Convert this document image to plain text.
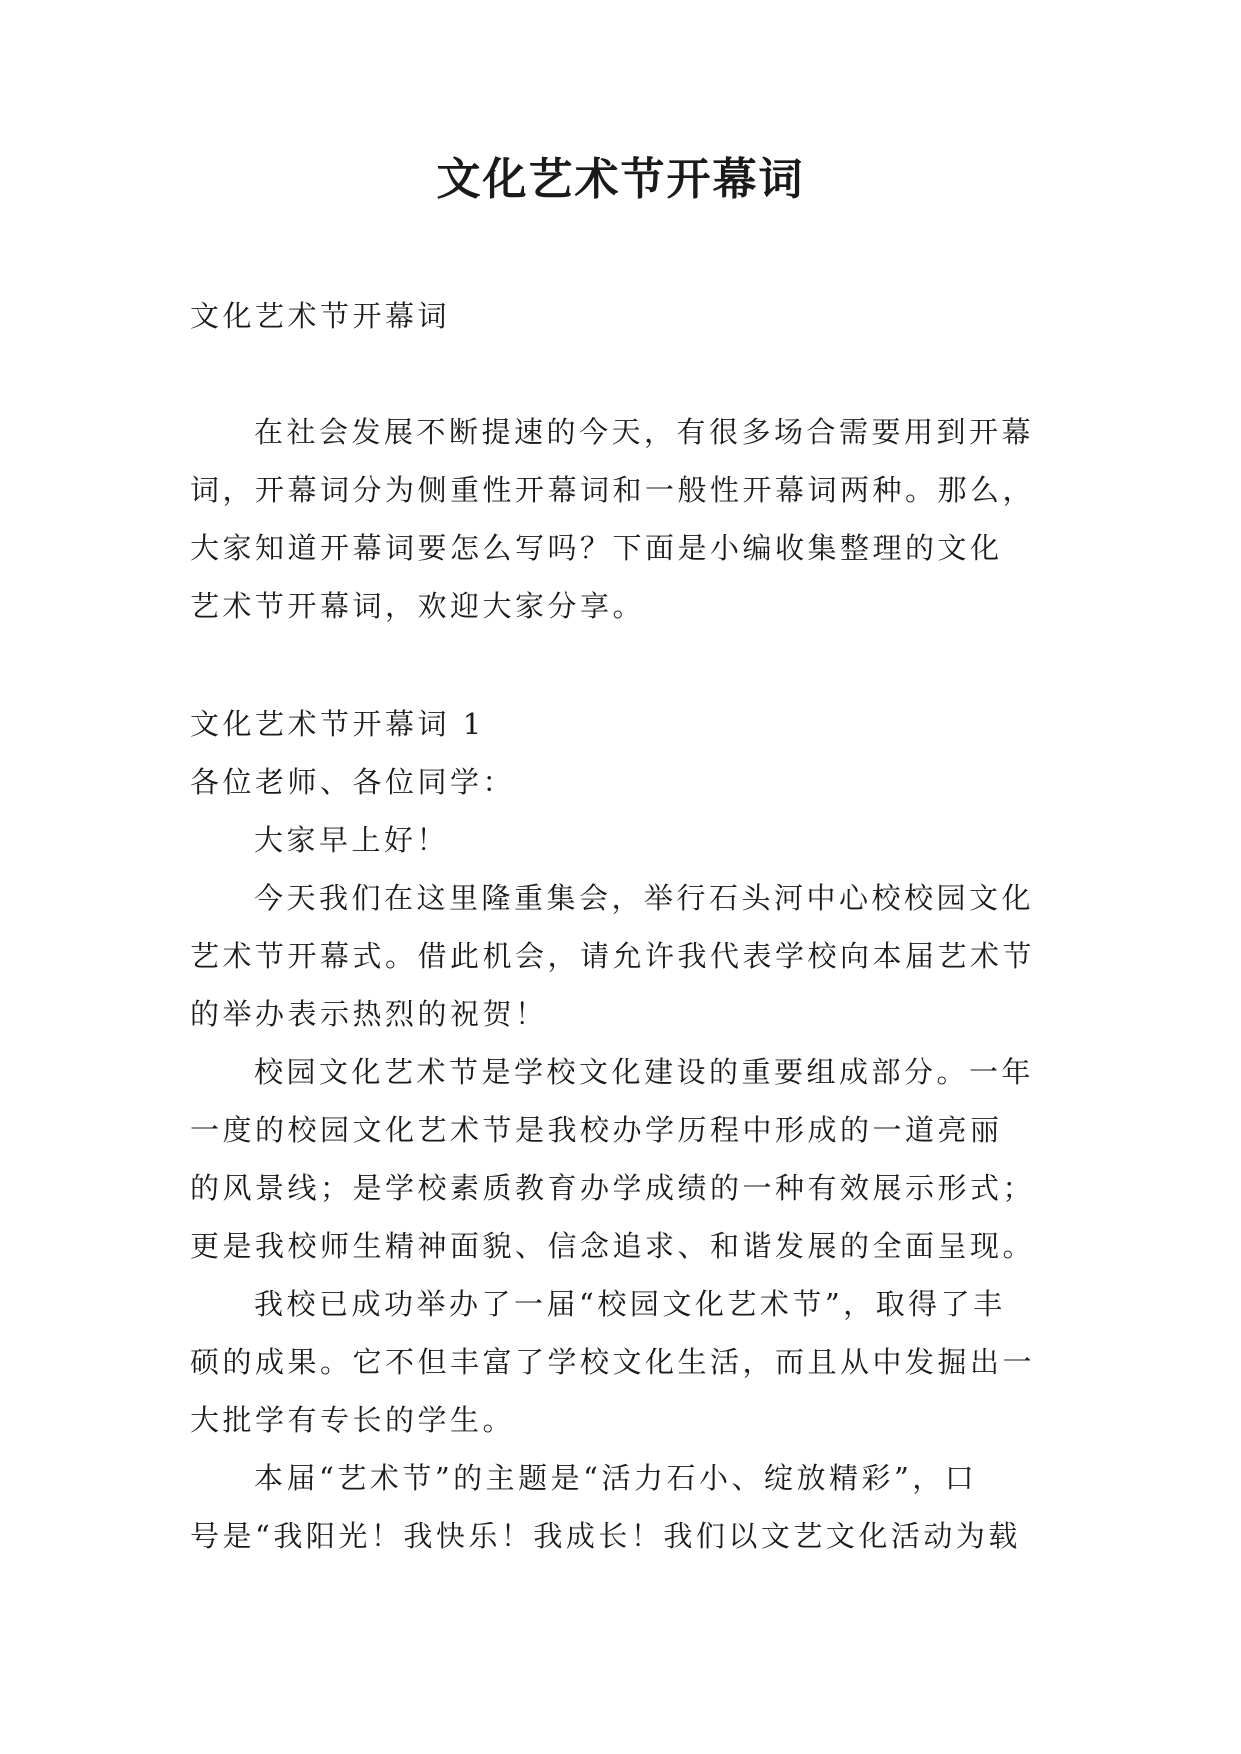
文化艺术节开幕词
文化艺术节开幕词
在社会发展不断提速的今天，有很多场合需要用到开幕
词，开幕词分为侧重性开幕词和一般性开幕词两种。那么，
大家知道开幕词要怎么写吗？下面是小编收集整理的文化
艺术节开幕词，欢迎大家分享。
文化艺术节开幕词 1
各位老师、各位同学：
大家早上好！
今天我们在这里隆重集会，举行石头河中心校校园文化
艺术节开幕式。借此机会，请允许我代表学校向本届艺术节
的举办表示热烈的祝贺！
校园文化艺术节是学校文化建设的重要组成部分。一年
一度的校园文化艺术节是我校办学历程中形成的一道亮丽
的风景线；是学校素质教育办学成绩的一种有效展示形式；
更是我校师生精神面貌、信念追求、和谐发展的全面呈现。
我校已成功举办了一届“校园文化艺术节”，取得了丰
硕的成果。它不但丰富了学校文化生活，而且从中发掘出一
大批学有专长的学生。
本届“艺术节”的主题是“活力石小、绽放精彩”，口
号是“我阳光！我快乐！我成长！我们以文艺文化活动为载
